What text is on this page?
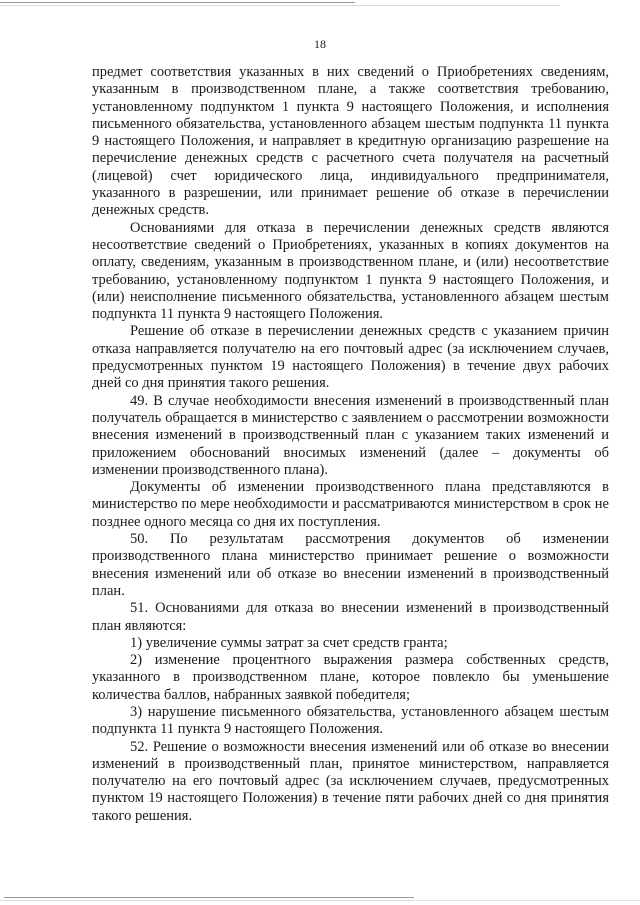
18

предмет соответствия указанных в них сведений о Приобретениях сведениям, указанным в производственном плане, а также соответствия требованию, установленному подпунктом 1 пункта 9 настоящего Положения, и исполнения письменного обязательства, установленного абзацем шестым подпункта 11 пункта 9 настоящего Положения, и направляет в кредитную организацию разрешение на перечисление денежных средств с расчетного счета получателя на расчетный (лицевой) счет юридического лица, индивидуального предпринимателя, указанного в разрешении, или принимает решение об отказе в перечислении денежных средств.

Основаниями для отказа в перечислении денежных средств являются несоответствие сведений о Приобретениях, указанных в копиях документов на оплату, сведениям, указанным в производственном плане, и (или) несоответствие требованию, установленному подпунктом 1 пункта 9 настоящего Положения, и (или) неисполнение письменного обязательства, установленного абзацем шестым подпункта 11 пункта 9 настоящего Положения.

Решение об отказе в перечислении денежных средств с указанием причин отказа направляется получателю на его почтовый адрес (за исключением случаев, предусмотренных пунктом 19 настоящего Положения) в течение двух рабочих дней со дня принятия такого решения.

49. В случае необходимости внесения изменений в производственный план получатель обращается в министерство с заявлением о рассмотрении возможности внесения изменений в производственный план с указанием таких изменений и приложением обоснований вносимых изменений (далее – документы об изменении производственного плана).

Документы об изменении производственного плана представляются в министерство по мере необходимости и рассматриваются министерством в срок не позднее одного месяца со дня их поступления.

50. По результатам рассмотрения документов об изменении производственного плана министерство принимает решение о возможности внесения изменений или об отказе во внесении изменений в производственный план.

51. Основаниями для отказа во внесении изменений в производственный план являются:

1) увеличение суммы затрат за счет средств гранта;

2) изменение процентного выражения размера собственных средств, указанного в производственном плане, которое повлекло бы уменьшение количества баллов, набранных заявкой победителя;

3) нарушение письменного обязательства, установленного абзацем шестым подпункта 11 пункта 9 настоящего Положения.

52. Решение о возможности внесения изменений или об отказе во внесении изменений в производственный план, принятое министерством, направляется получателю на его почтовый адрес (за исключением случаев, предусмотренных пунктом 19 настоящего Положения) в течение пяти рабочих дней со дня принятия такого решения.
